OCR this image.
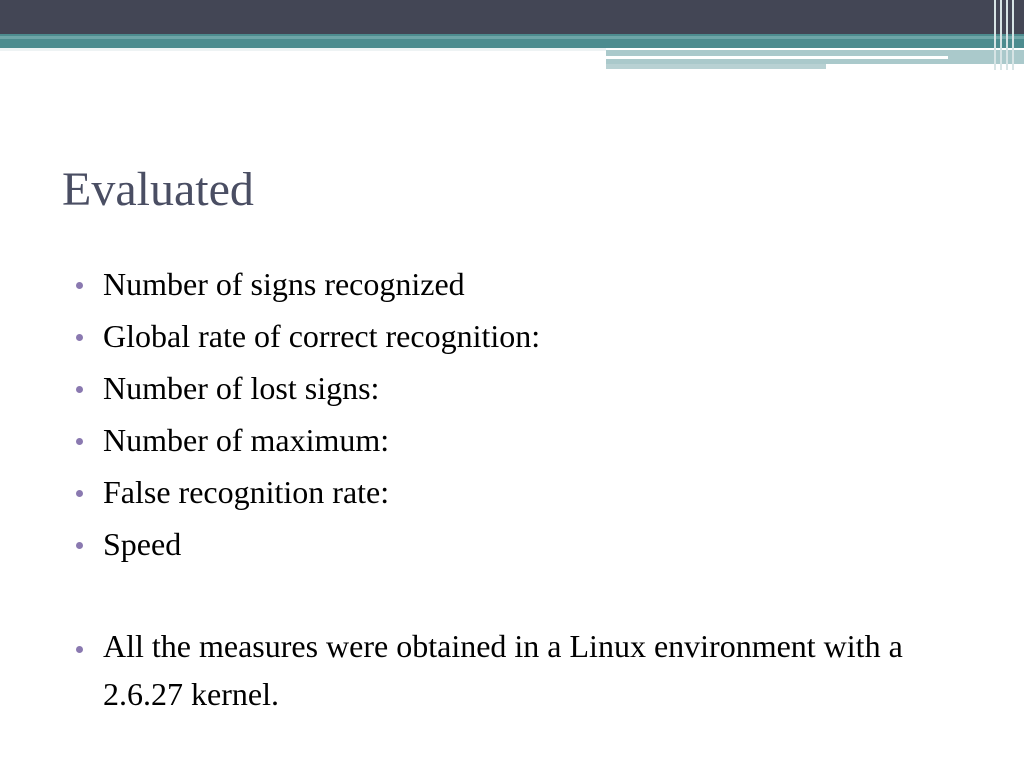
Evaluated
Number of signs recognized
Global rate of correct recognition:
Number of lost signs:
Number of maximum:
False recognition rate:
Speed
All the measures were obtained in a Linux environment with a 2.6.27 kernel.
